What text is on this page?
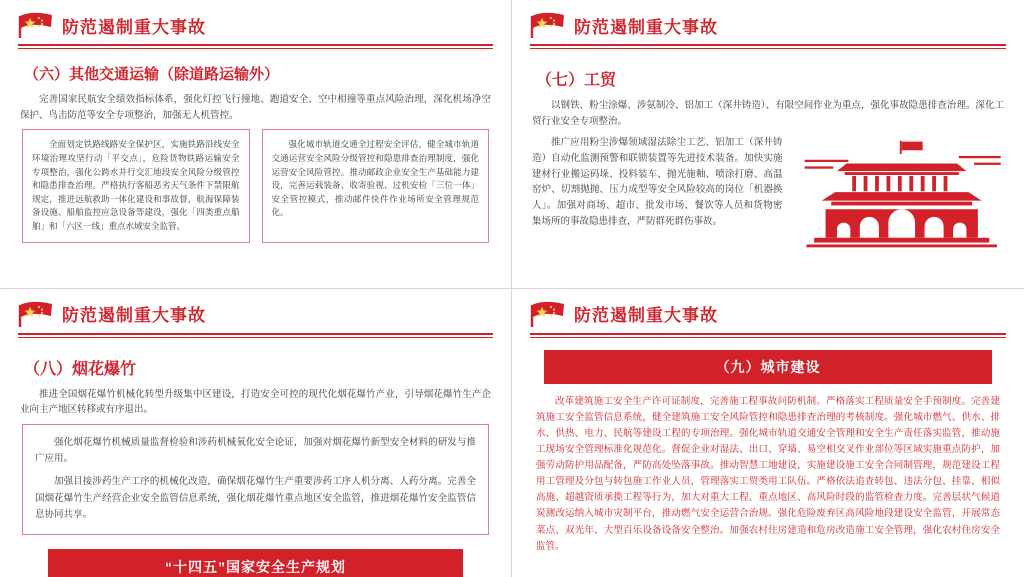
防范遏制重大事故
（六）其他交通运输（除道路运输外）
完善国家民航安全绩效指标体系，强化灯控飞行撞地、跑道安全、空中相撞等重点风险治理，深化机场净空保护、鸟击防范等安全专项整治，加强无人机管控。

全面划定铁路线路安全保护区，实施铁路沿线安全环境治理攻坚行动「平交点」，危险货物铁路运输安全专项整治，强化公跨水并行交汇地段安全风险分级管控和隐患排查治理。严格执行客船恶劣天气条件下禁限航规定，推进远航救助一体化建设和事故督，航海保障装备设施、船舶监控应急设备等建设，强化「四类重点船舶」和「六区一线」重点水域安全监管。

强化城市轨道交通全过程安全评估，健全城市轨道交通运营安全风险分级管控和隐患排查治理制度，强化运营安全风险管控。推动邮政企业安全生产基础能力建设，完善运载装备、收寄验视、过机安检「三位一体」安全管控模式，推动邮件快件作业场所安全管理规范化。

防范遏制重大事故
（七）工贸
以钢铁、粉尘涂爆、涉氨制冷、铝加工（深井铸造）、有限空间作业为重点，强化事故隐患排查治理。深化工贸行业安全专项整治。
推广应用粉尘涉爆领域湿法除尘工艺、铝加工（深井铸造）自动化监测预警和联锁装置等先进技术装备。加快实施建材行业搬运码垛、投料装车、抛光施釉、喷涂打磨、高温窑炉、切割抛抛、压力成型等安全风险较高的岗位「机器换人」。加强对商场、超市、批发市场、餐饮等人员和货物密集场所的事故隐患排查，严防群死群伤事故。
防范遏制重大事故
（八）烟花爆竹
推进全国烟花爆竹机械化转型升级集中区建设，打造安全可控的现代化烟花爆竹产业，引导烟花爆竹生产企业向主产地区转移或有序退出。

强化烟花爆竹机械质量监督检验和涉药机械氧化安全论证，加强对烟花爆竹新型安全材料的研发与推广应用。

加强目接涉药生产工序的机械化改造，确保烟花爆竹生产重要涉药工序人机分离、人药分离。完善全国烟花爆竹生产经营企业安全监管信息系统，强化烟花爆竹重点地区安全监管，推进烟花爆竹安全监管信息协同共享。

“十四五”国家安全生产规划
防范遏制重大事故
（九）城市建设
改革建筑施工安全生产许可证制度，完善施工程事故问防机制。严格落实工程质量安全手预制度。完善建筑施工安全监管信息系统，健全建筑施工安全风险管控和隐患排查治理的考核制度。强化城市燃气、供水、排水、供热、电力、民航等建设工程的专项治理。强化城市轨道交通安全管理和安全生产责任落实监管，推动施工现场安全管理标准化规范化。督促企业对湿法、出口、穿墙、易空相交叉作业部位等区域实施重点防护，加强劳动防护用品配备，严防高处坠落事故。推动智慧工地建设，实施建设施工安全合同制管理，规范建设工程用工管理及分包与转包施工作业人员，管理落实工贸类用工队伍。严格依法追查转包、违法分包、挂靠、相似高施、超越资质承揽工程等行为，加大对重大工程、重点地区、高风险时段的监管检查力度。完善层状气候道炭测改运纳入城市灾制平台，推动燃气安全运营合治规。强化危险废弃区高风险地段建设安全监管，开展常态菜点、双光年、大型百乐设备设备安全整治。加强农村住房建造和危房改造施工安全管理，强化农村住房安全监管。
